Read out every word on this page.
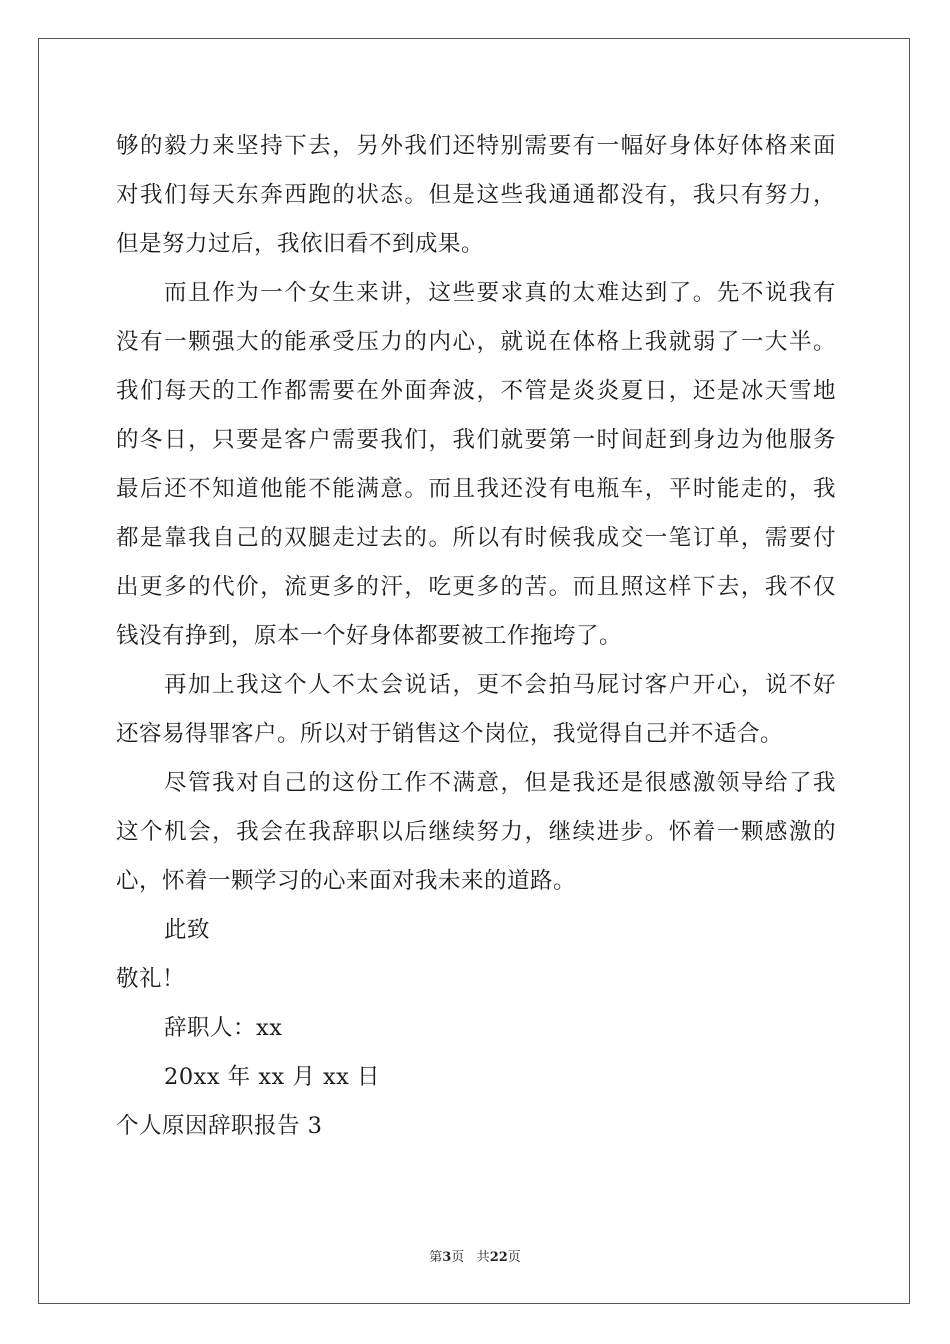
够的毅力来坚持下去，另外我们还特别需要有一幅好身体好体格来面
对我们每天东奔西跑的状态。但是这些我通通都没有，我只有努力，
但是努力过后，我依旧看不到成果。
而且作为一个女生来讲，这些要求真的太难达到了。先不说我有
没有一颗强大的能承受压力的内心，就说在体格上我就弱了一大半。
我们每天的工作都需要在外面奔波，不管是炎炎夏日，还是冰天雪地
的冬日，只要是客户需要我们，我们就要第一时间赶到身边为他服务
最后还不知道他能不能满意。而且我还没有电瓶车，平时能走的，我
都是靠我自己的双腿走过去的。所以有时候我成交一笔订单，需要付
出更多的代价，流更多的汗，吃更多的苦。而且照这样下去，我不仅
钱没有挣到，原本一个好身体都要被工作拖垮了。
再加上我这个人不太会说话，更不会拍马屁讨客户开心，说不好
还容易得罪客户。所以对于销售这个岗位，我觉得自己并不适合。
尽管我对自己的这份工作不满意，但是我还是很感激领导给了我
这个机会，我会在我辞职以后继续努力，继续进步。怀着一颗感激的
心，怀着一颗学习的心来面对我未来的道路。
此致
敬礼！
辞职人：xx
20xx 年 xx 月 xx 日
个人原因辞职报告 3
第3页 共22页
